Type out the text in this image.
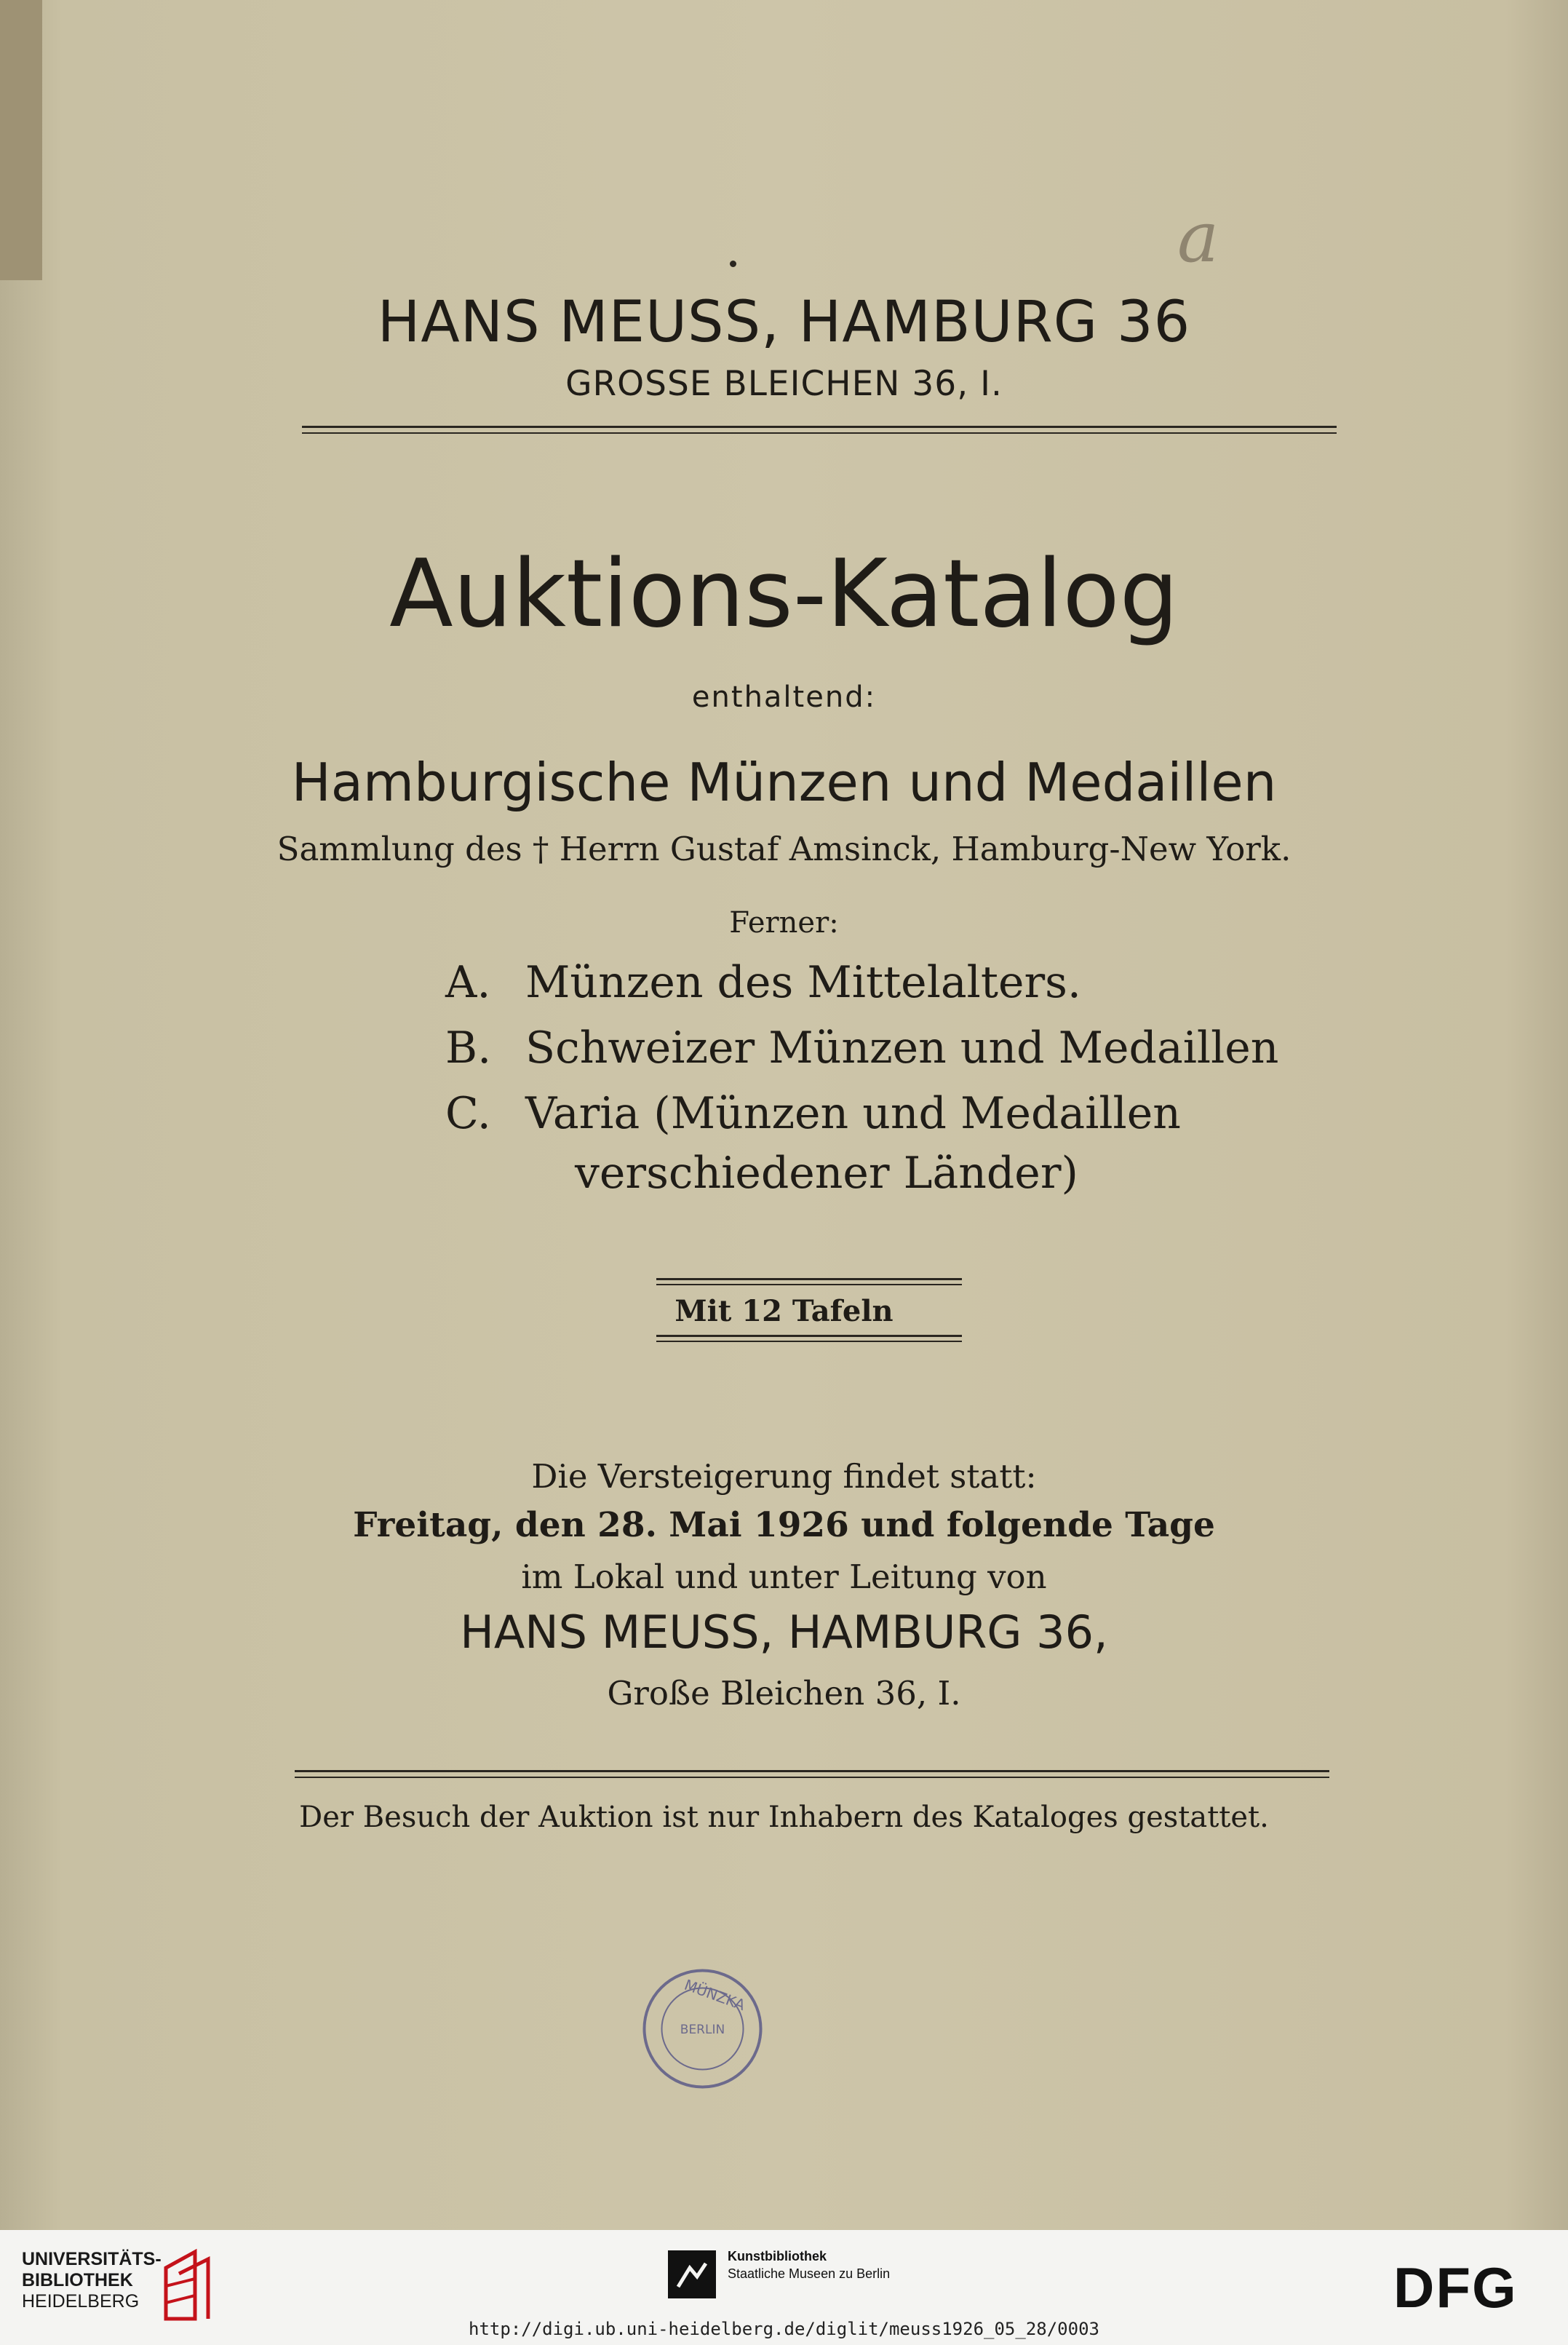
a
HANS MEUSS, HAMBURG 36
GROSSE BLEICHEN 36, I.
Auktions-Katalog
enthaltend:
Hamburgische Münzen und Medaillen
Sammlung des † Herrn Gustaf Amsinck, Hamburg-New York.
Ferner:
A. Münzen des Mittelalters.
B. Schweizer Münzen und Medaillen
C. Varia (Münzen und Medaillen
verschiedener Länder)
Mit 12 Tafeln
Die Versteigerung findet statt:
Freitag, den 28. Mai 1926 und folgende Tage
im Lokal und unter Leitung von
HANS MEUSS, HAMBURG 36,
Große Bleichen 36, I.
Der Besuch der Auktion ist nur Inhabern des Kataloges gestattet.
MÜNZKA
BERLIN
UNIVERSITÄTS-
BIBLIOTHEK
HEIDELBERG
Kunstbibliothek
Staatliche Museen zu Berlin	DFG
http://digi.ub.uni-heidelberg.de/diglit/meuss1926_05_28/0003
